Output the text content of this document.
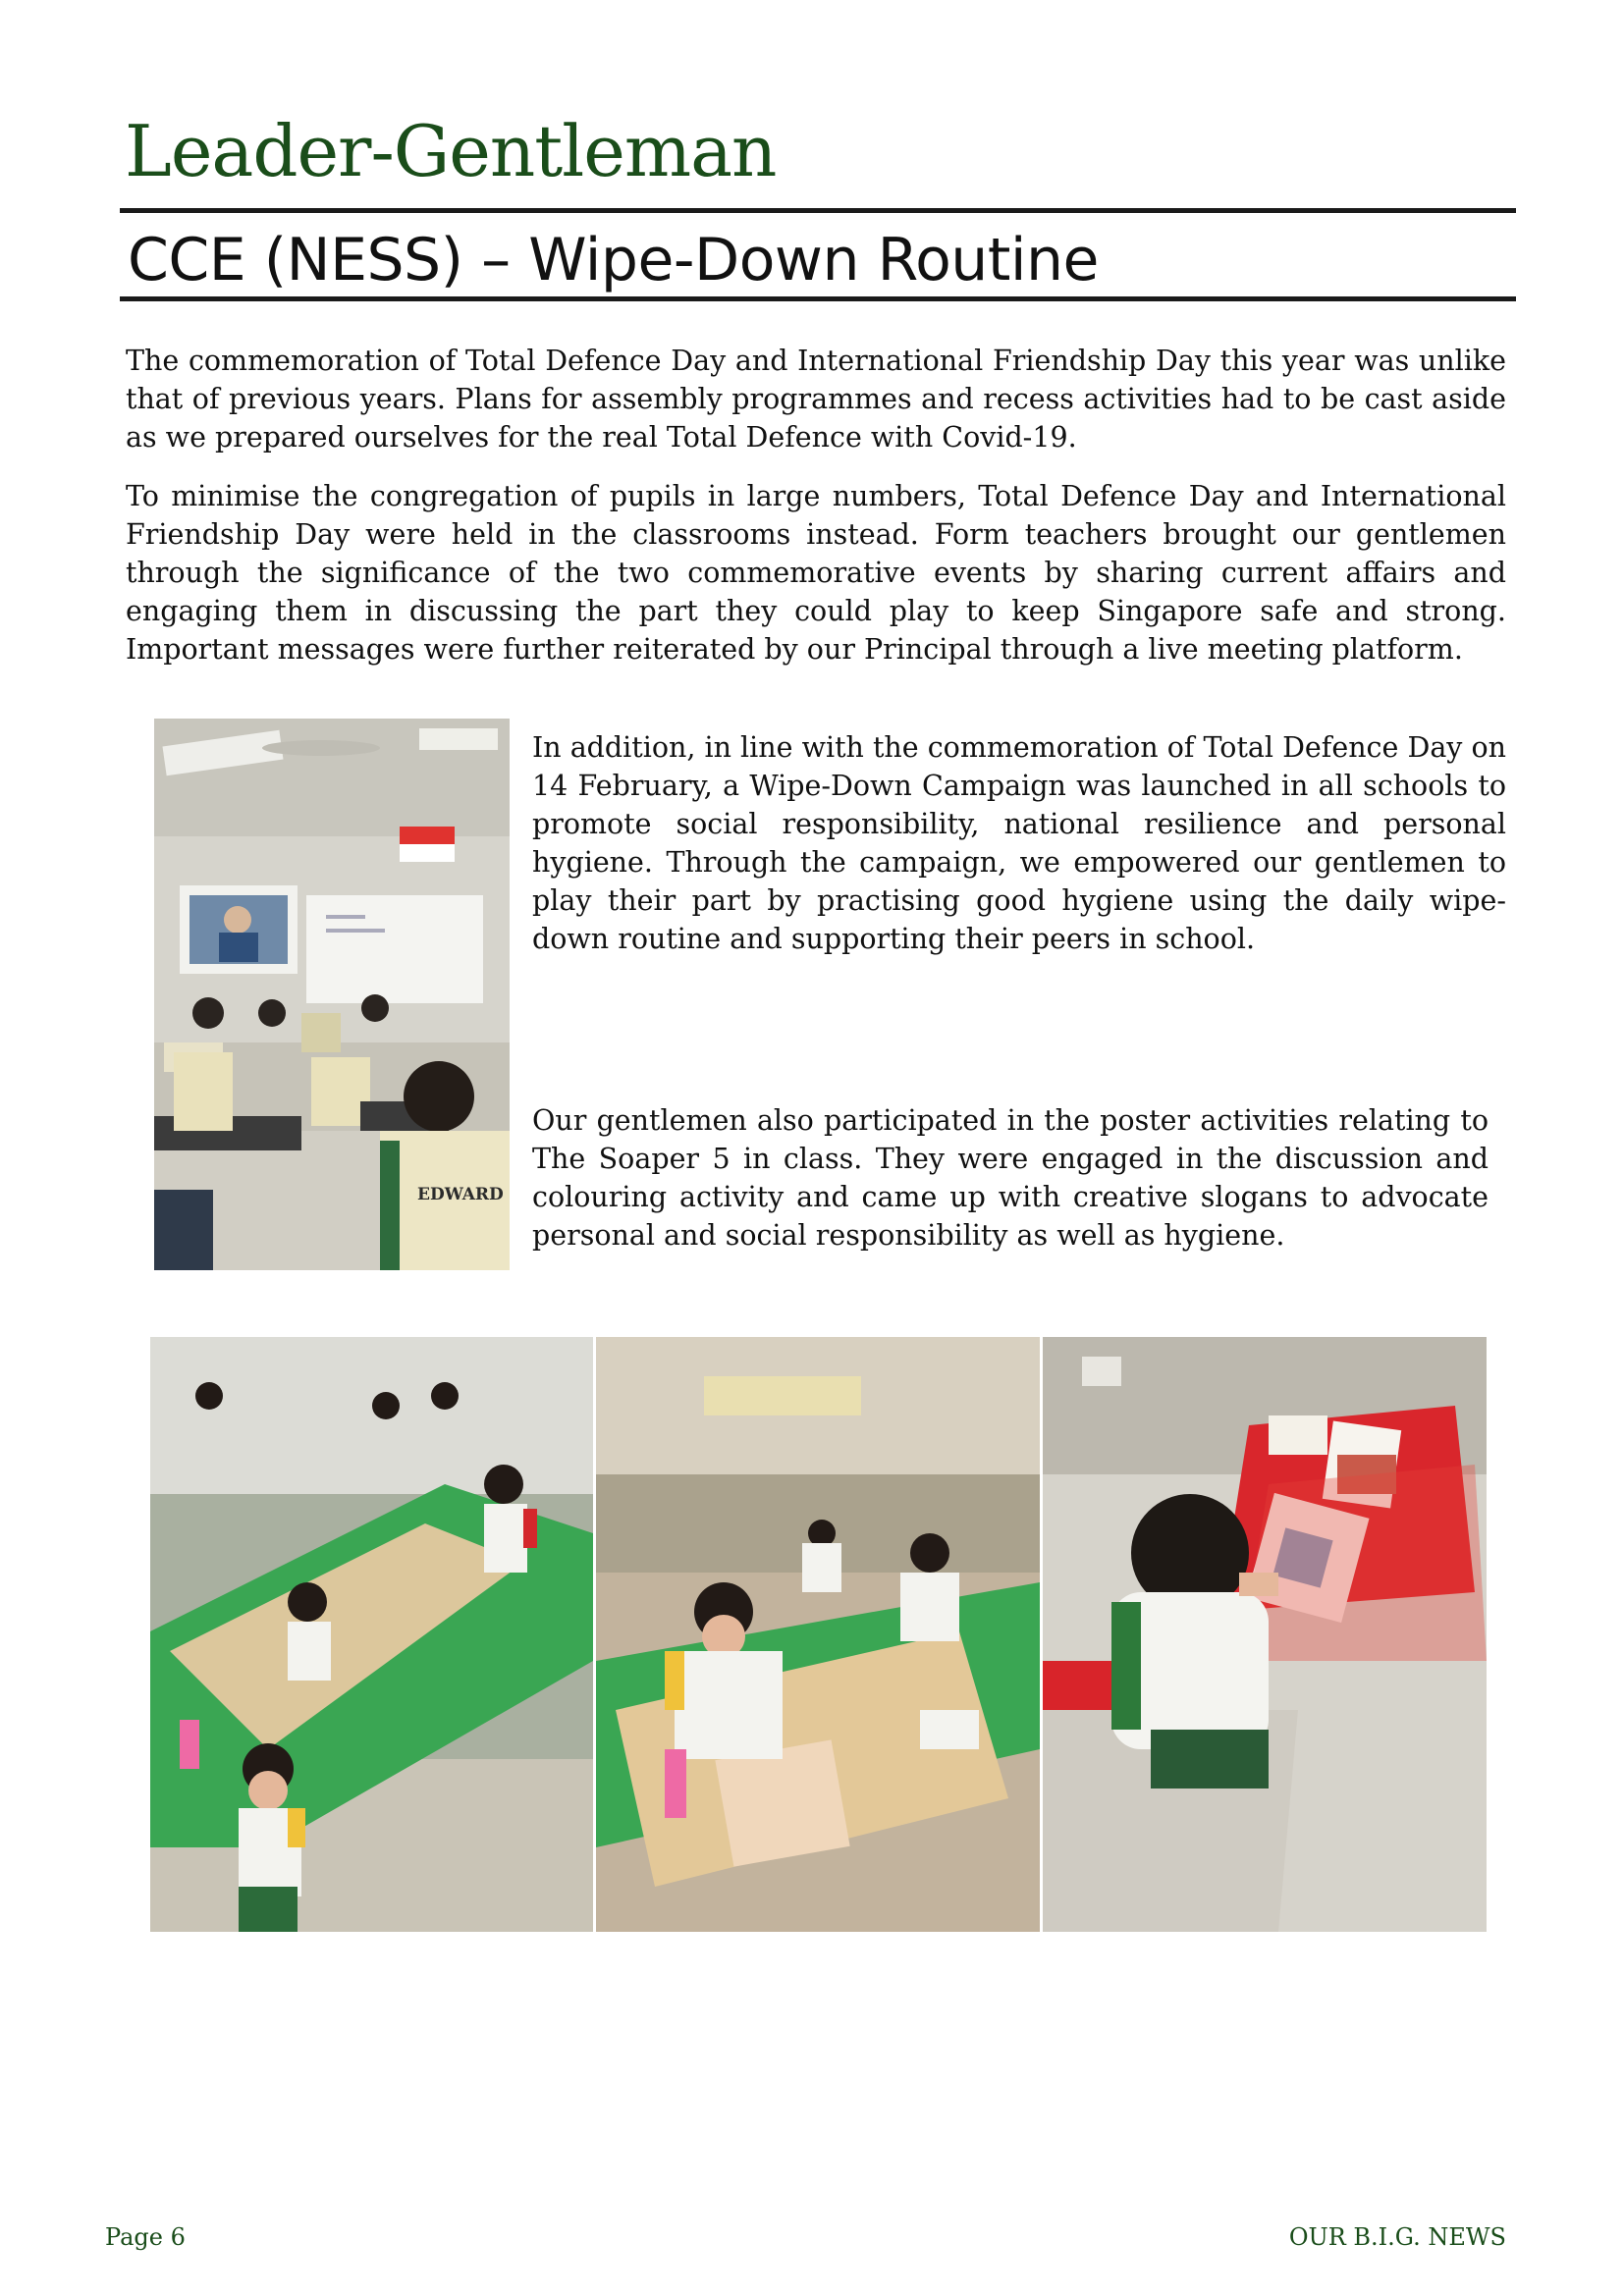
Leader-Gentleman
CCE (NESS) – Wipe-Down Routine

The commemoration of Total Defence Day and International Friendship Day this year was unlike that of previous years. Plans for assembly programmes and recess activities had to be cast aside as we prepared ourselves for the real Total Defence with Covid-19.

To minimise the congregation of pupils in large numbers, Total Defence Day and International Friendship Day were held in the classrooms instead. Form teachers brought our gentlemen through the significance of the two commemorative events by sharing current affairs and engaging them in discussing the part they could play to keep Singapore safe and strong. Important messages were further reiterated by our Principal through a live meeting platform.

EDWARD

In addition, in line with the commemoration of Total Defence Day on 14 February, a Wipe-Down Campaign was launched in all schools to promote social responsibility, national resilience and personal hygiene. Through the campaign, we empowered our gentlemen to play their part by practising good hygiene using the daily wipe-down routine and supporting their peers in school.

Our gentlemen also participated in the poster activities relating to The Soaper 5 in class. They were engaged in the discussion and colouring activity and came up with creative slogans to advocate personal and social responsibility as well as hygiene.

Page 6	OUR B.I.G. NEWS
